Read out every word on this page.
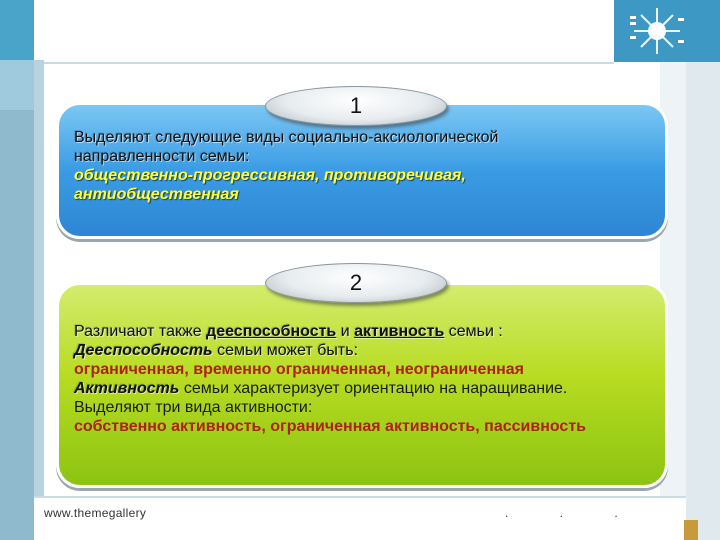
www.themegallery	. . .
1
Выделяют следующие виды социально-аксиологической
направленности семьи:
общественно-прогрессивная, противоречивая,
антиобщественная
2
Различают также дееспособность и активность семьи :
Дееспособность семьи может быть:
ограниченная, временно ограниченная, неограниченная
Активность семьи характеризует ориентацию на наращивание.
Выделяют три вида активности:
собственно активность, ограниченная активность, пассивность
